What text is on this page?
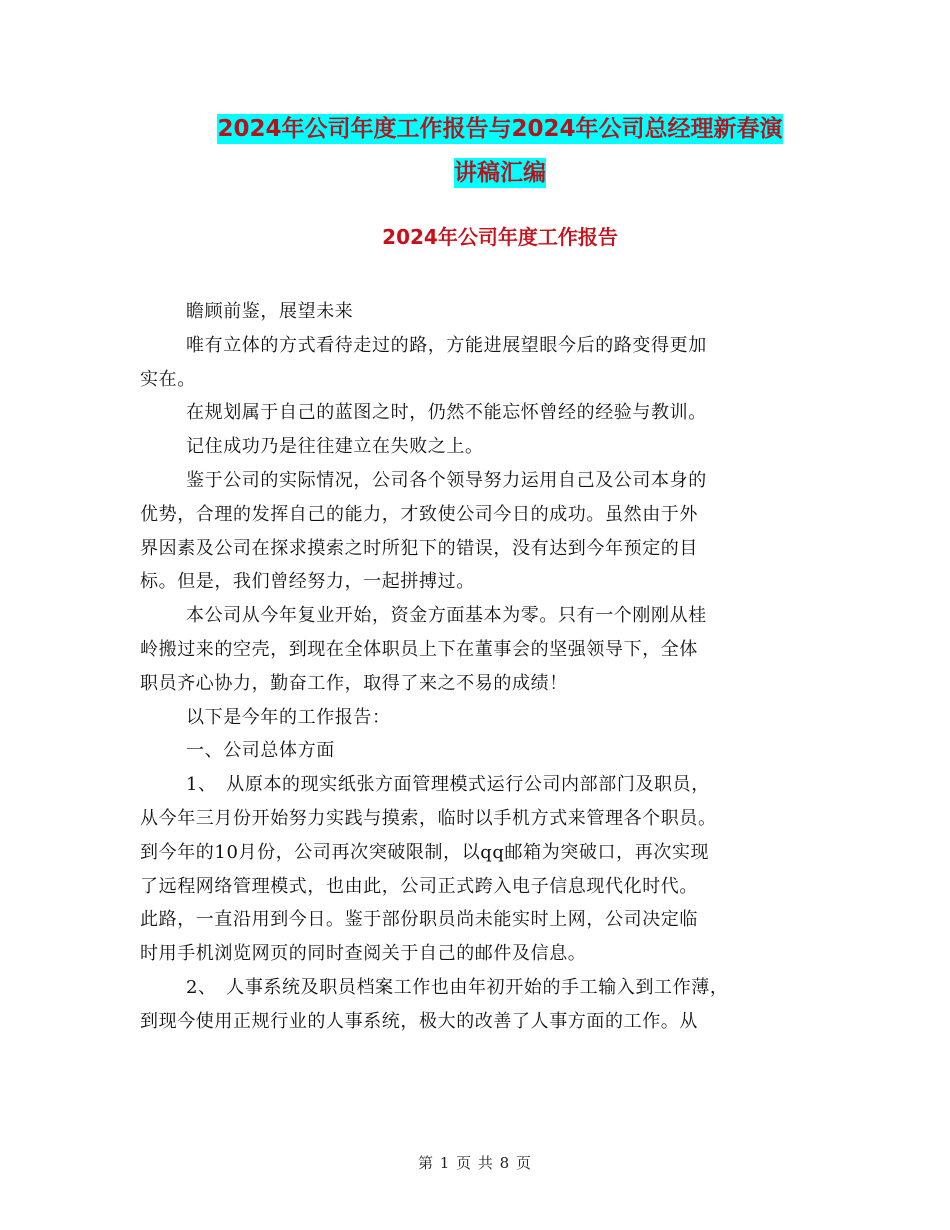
2024年公司年度工作报告与2024年公司总经理新春演
讲稿汇编
2024年公司年度工作报告
瞻顾前鉴，展望未来
唯有立体的方式看待走过的路，方能进展望眼今后的路变得更加
实在。
在规划属于自己的蓝图之时，仍然不能忘怀曾经的经验与教训。
记住成功乃是往往建立在失败之上。
鉴于公司的实际情况，公司各个领导努力运用自己及公司本身的
优势，合理的发挥自己的能力，才致使公司今日的成功。虽然由于外
界因素及公司在探求摸索之时所犯下的错误，没有达到今年预定的目
标。但是，我们曾经努力，一起拼搏过。
本公司从今年复业开始，资金方面基本为零。只有一个刚刚从桂
岭搬过来的空壳，到现在全体职员上下在董事会的坚强领导下，全体
职员齐心协力，勤奋工作，取得了来之不易的成绩！
以下是今年的工作报告：
一、公司总体方面
1、　从原本的现实纸张方面管理模式运行公司内部部门及职员，
从今年三月份开始努力实践与摸索，临时以手机方式来管理各个职员。
到今年的10月份，公司再次突破限制，以qq邮箱为突破口，再次实现
了远程网络管理模式，也由此，公司正式跨入电子信息现代化时代。
此路，一直沿用到今日。鉴于部份职员尚未能实时上网，公司决定临
时用手机浏览网页的同时查阅关于自己的邮件及信息。
2、　人事系统及职员档案工作也由年初开始的手工输入到工作薄，
到现今使用正规行业的人事系统，极大的改善了人事方面的工作。从
第 1 页 共 8 页
